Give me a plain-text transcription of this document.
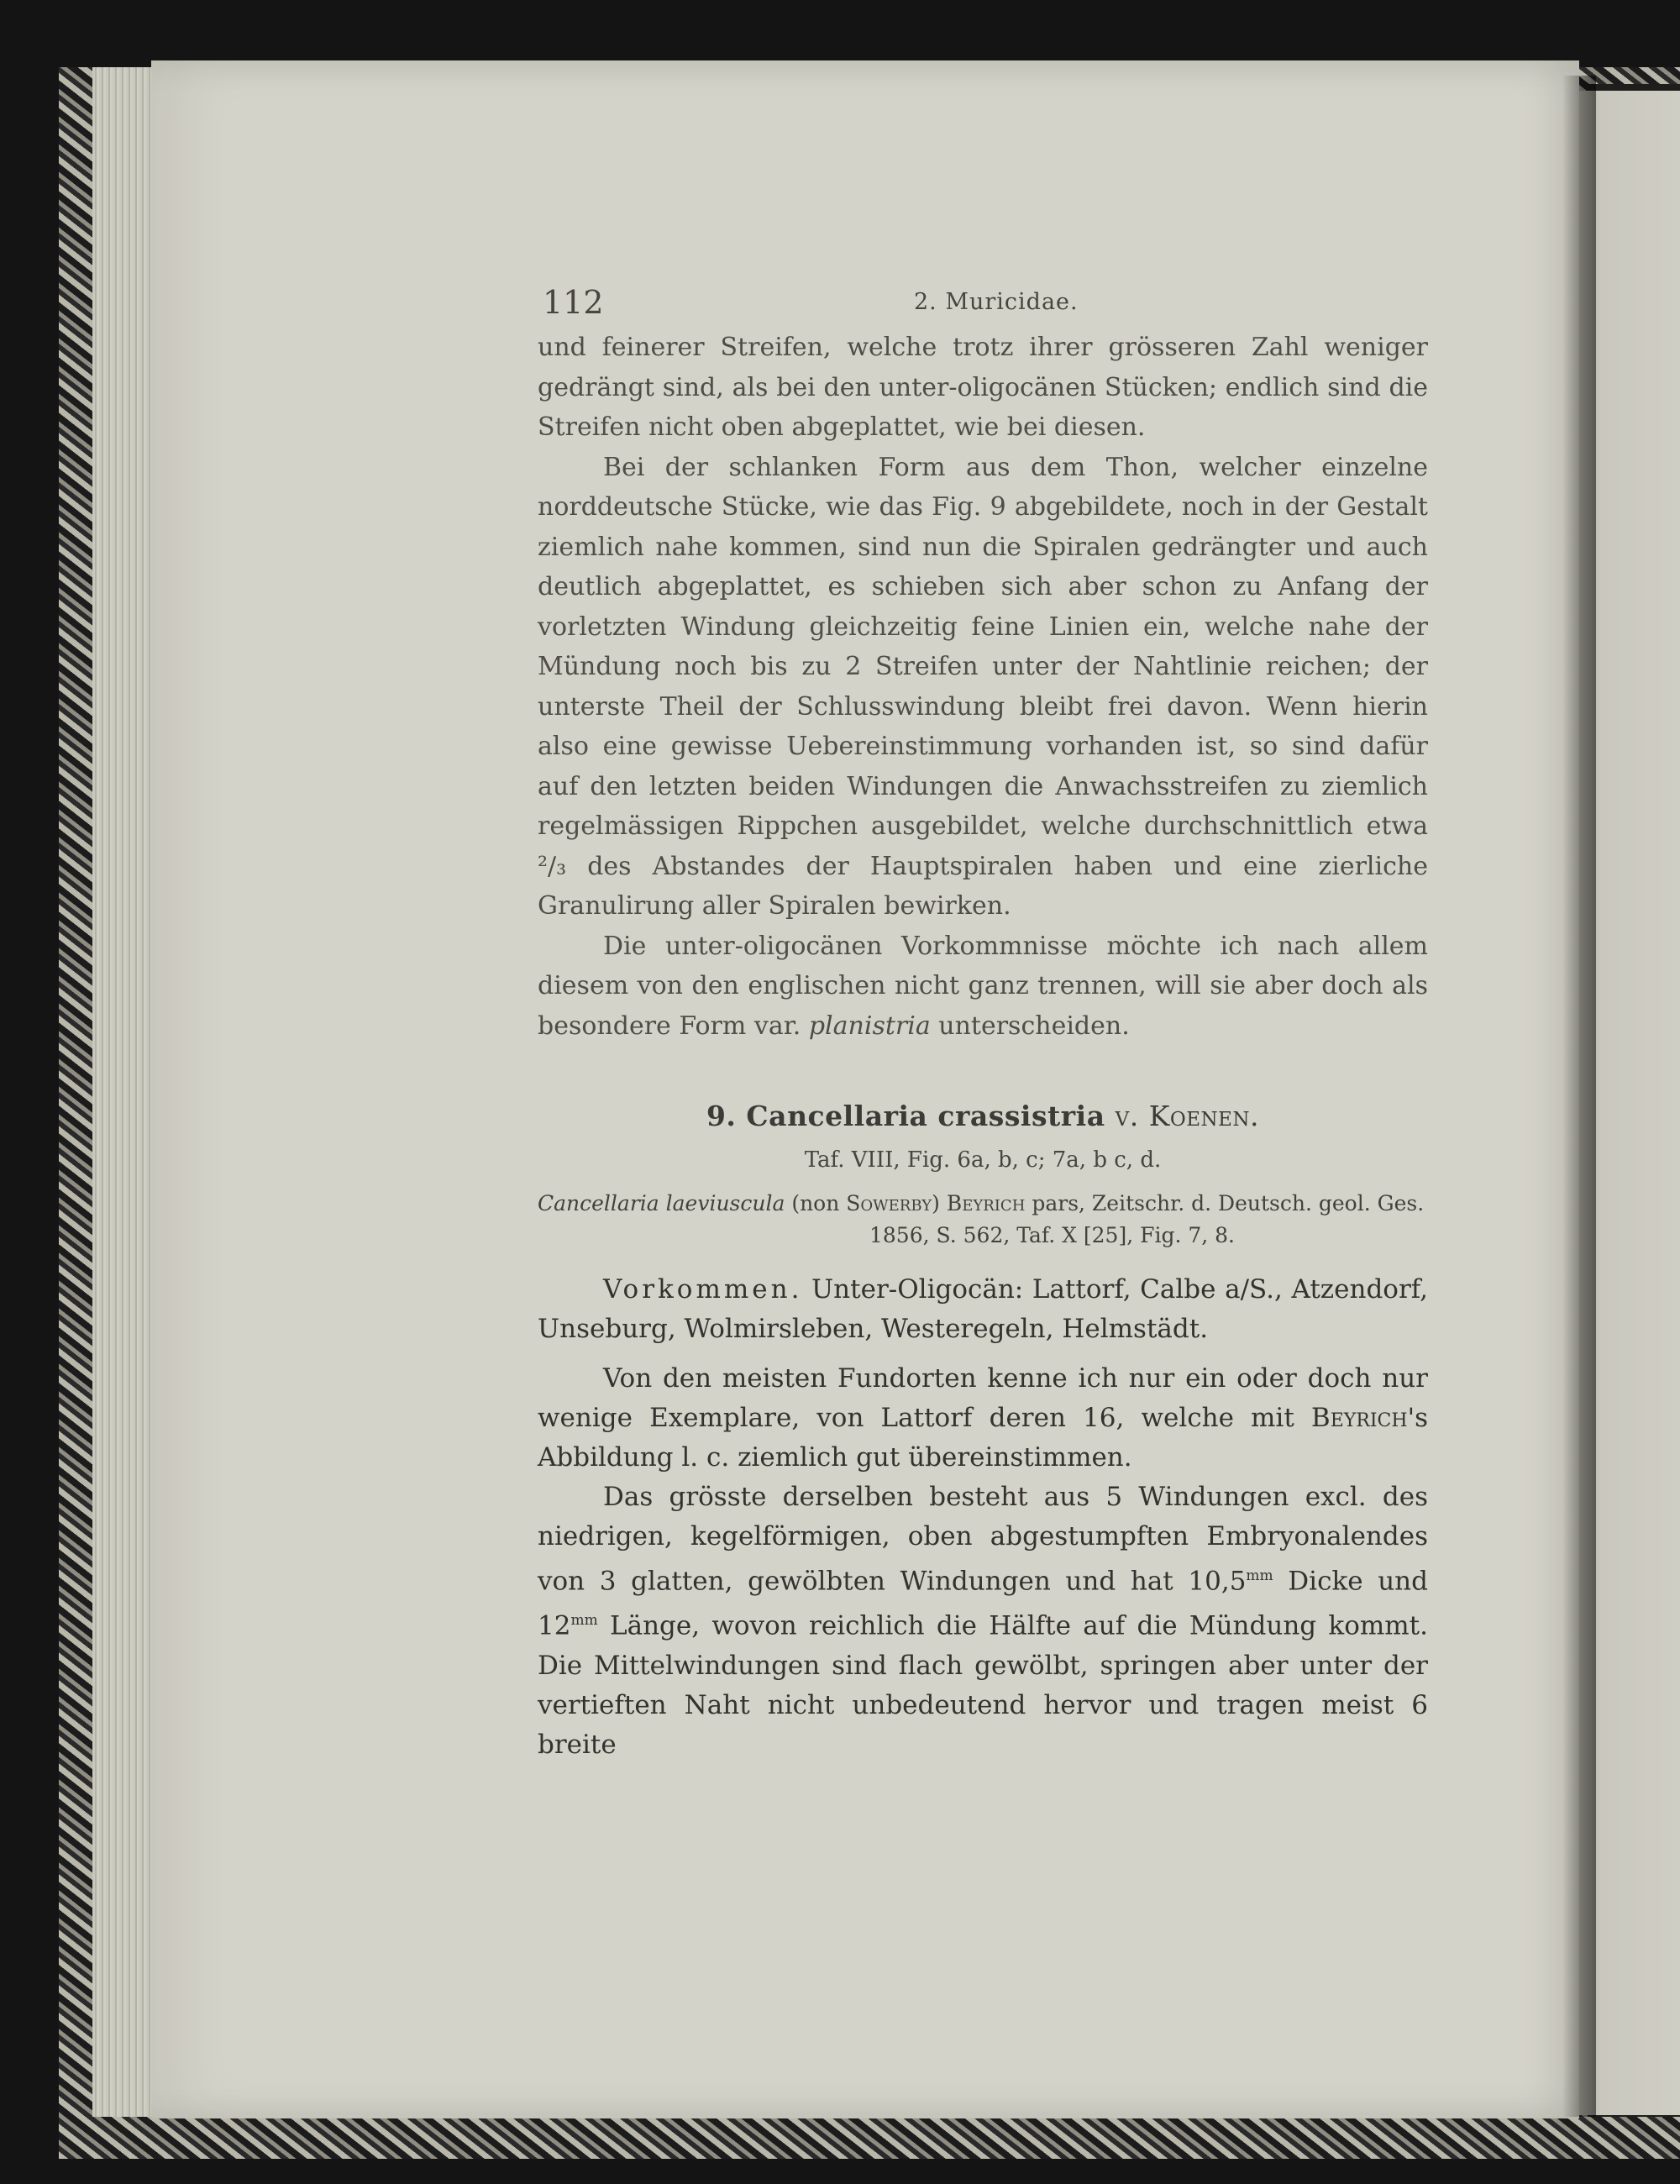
112	2. Muricidae.

und feinerer Streifen, welche trotz ihrer grösseren Zahl weniger gedrängt sind, als bei den unter-oligocänen Stücken; endlich sind die Streifen nicht oben abgeplattet, wie bei diesen.

Bei der schlanken Form aus dem Thon, welcher einzelne norddeutsche Stücke, wie das Fig. 9 abgebildete, noch in der Gestalt ziemlich nahe kommen, sind nun die Spiralen gedrängter und auch deutlich abgeplattet, es schieben sich aber schon zu Anfang der vorletzten Windung gleichzeitig feine Linien ein, welche nahe der Mündung noch bis zu 2 Streifen unter der Nahtlinie reichen; der unterste Theil der Schlusswindung bleibt frei davon. Wenn hierin also eine gewisse Uebereinstimmung vorhanden ist, so sind dafür auf den letzten beiden Windungen die Anwachsstreifen zu ziemlich regelmässigen Rippchen ausgebildet, welche durchschnittlich etwa ²/₃ des Abstandes der Hauptspiralen haben und eine zierliche Granulirung aller Spiralen bewirken.

Die unter-oligocänen Vorkommnisse möchte ich nach allem diesem von den englischen nicht ganz trennen, will sie aber doch als besondere Form var. planistria unterscheiden.

9. Cancellaria crassistria v. Koenen.
Taf. VIII, Fig. 6a, b, c; 7a, b c, d.
Cancellaria laeviuscula (non Sowerby) Beyrich pars, Zeitschr. d. Deutsch. geol. Ges.
1856, S. 562, Taf. X [25], Fig. 7, 8.

Vorkommen. Unter-Oligocän: Lattorf, Calbe a/S., Atzendorf, Unseburg, Wolmirsleben, Westeregeln, Helmstädt.

Von den meisten Fundorten kenne ich nur ein oder doch nur wenige Exemplare, von Lattorf deren 16, welche mit Beyrich's Abbildung l. c. ziemlich gut übereinstimmen.

Das grösste derselben besteht aus 5 Windungen excl. des niedrigen, kegelförmigen, oben abgestumpften Embryonalendes von 3 glatten, gewölbten Windungen und hat $10,5^{mm}$ Dicke und $12^{mm}$ Länge, wovon reichlich die Hälfte auf die Mündung kommt. Die Mittelwindungen sind flach gewölbt, springen aber unter der vertieften Naht nicht unbedeutend hervor und tragen meist 6 breite
